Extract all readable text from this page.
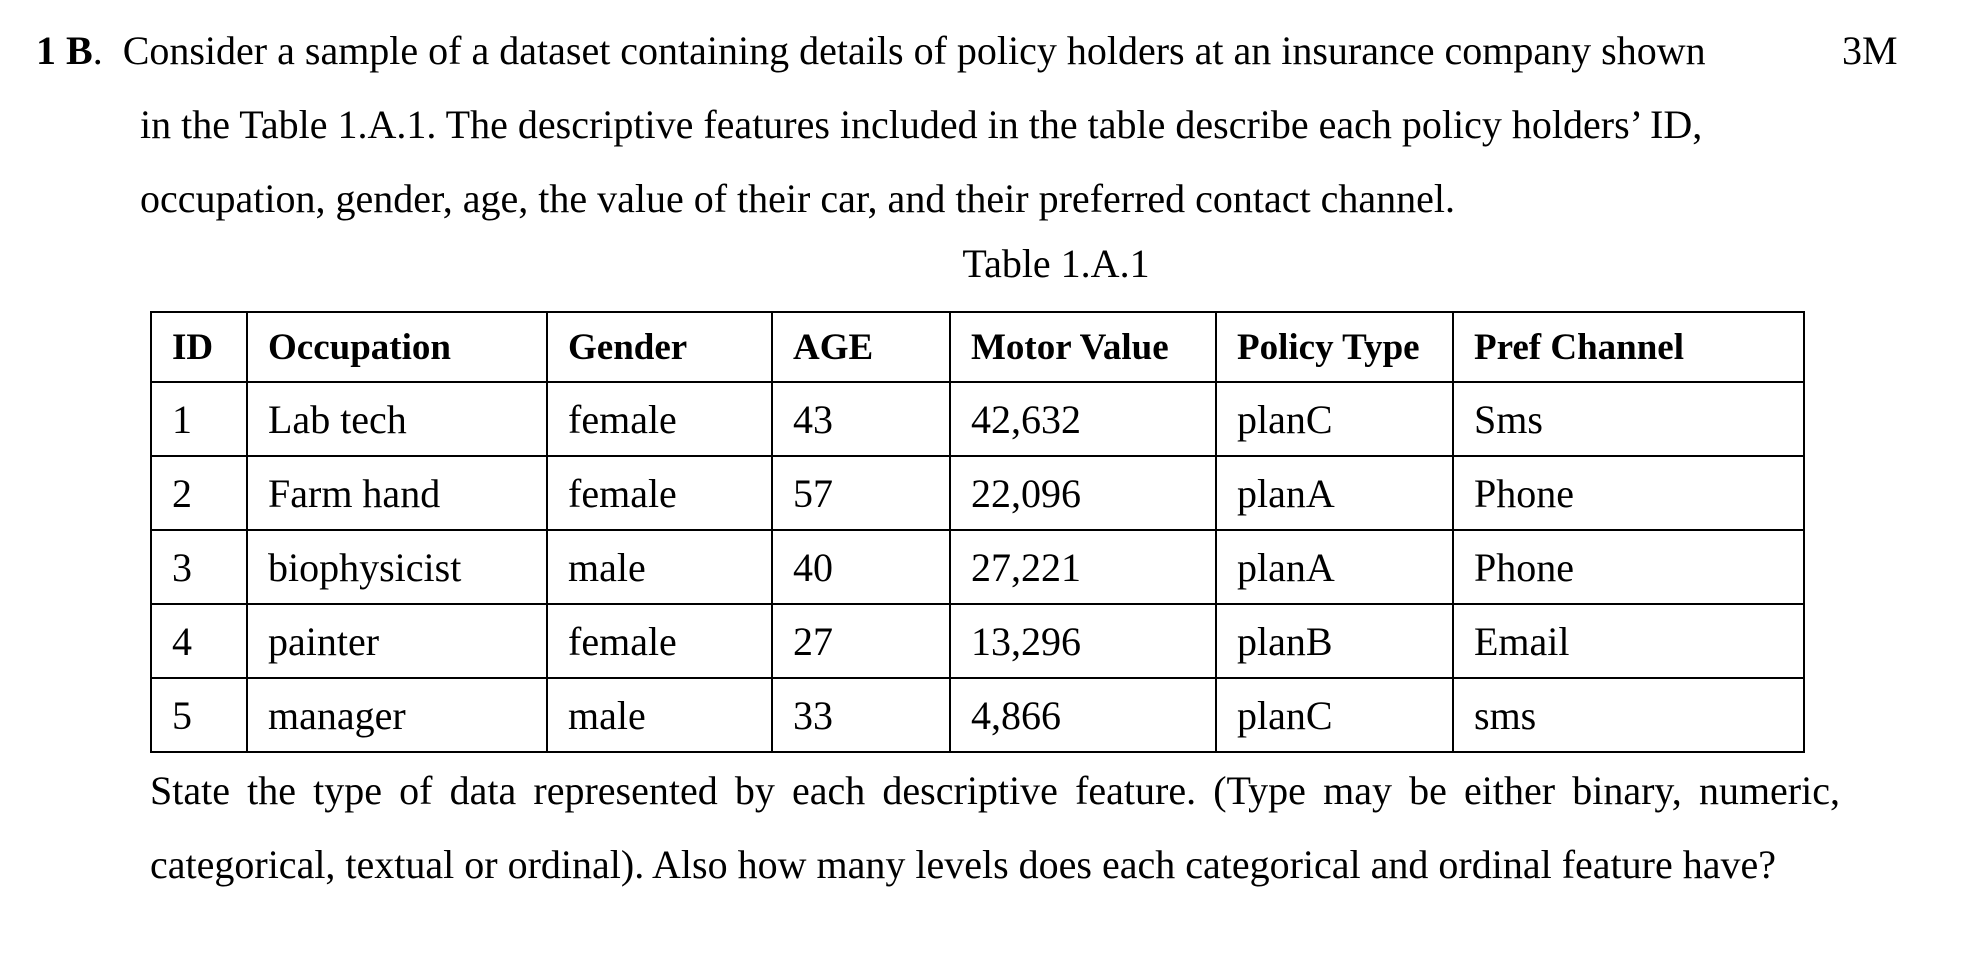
1 B. Consider a sample of a dataset containing details of policy holders at an insurance company shown	3M
in the Table 1.A.1. The descriptive features included in the table describe each policy holders’ ID, occupation, gender, age, the value of their car, and their preferred contact channel.
Table 1.A.1
ID	Occupation	Gender	AGE	Motor Value	Policy Type	Pref Channel
1	Lab tech	female	43	42,632	planC	Sms
2	Farm hand	female	57	22,096	planA	Phone
3	biophysicist	male	40	27,221	planA	Phone
4	painter	female	27	13,296	planB	Email
5	manager	male	33	4,866	planC	sms
State the type of data represented by each descriptive feature. (Type may be either binary, numeric, categorical, textual or ordinal). Also how many levels does each categorical and ordinal feature have?
